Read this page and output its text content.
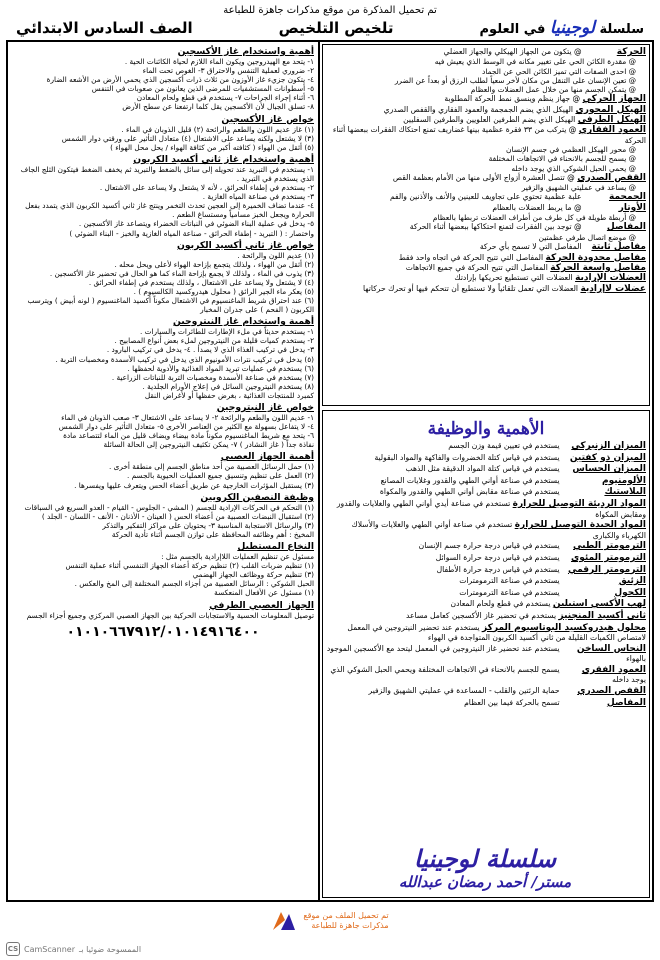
تم تحميل المذكرة من موقع مذكرات جاهزة للطباعة
سلسلة لوجينيا في العلوم
تلخيص التلخيص
الصف السادس الابتدائي
الحركة @ يتكون من الجهاز الهيكلي والجهاز العضلي
@ مقدرة الكائن الحي على تغيير مكانه في الوسط الذي يعيش فيه
@ احدى الصفات التي تميز الكائن الحي عن الجماد
@ تعين الإنسان على التنقل من مكان لأخر سعياً لطلب الرزق أو بعداً عن الضرر
@ يتمكن الجسم منها من خلال عمل العضلات والعظام
الجهاز الحركي @ جهاز ينظم وينسق نمط الحركة المطلوبة
الهيكل المحوري الهيكل الذي يضم الجمجمة والعمود الفقاري والقفص الصدري
الهيكل الطرفي الهيكل الذي يضم الطرفين العلويين والطرفين السفليين
العمود الفقاري @ يتركب من ٣٣ فقرة عظمية بينها غضاريف تمنع احتكاك الفقرات ببعضها أثناء الحركة
@ محور الهيكل العظمي في جسم الإنسان
@ يسمح للجسم بالانحناء في الاتجاهات المختلفة
@ يحمي الحبل الشوكي الذي يوجد داخله
القفص الصدري @ تتصل العشرة أزواج الأولى منها من الأمام بعظمة القص
@ يساعد في عمليتي الشهيق والزفير
الجمجمة علبة عظمية تحتوي على تجاويف للعينين والأنف والأذنين والفم
الأوتار @ ما يربط العضلات بالعظام
@ أربطة طويلة في كل طرف من أطراف العضلات تربطها بالعظام
المفاصل @ توجد بين الفقرات لتمنع احتكاكها ببعضها أثناء الحركة
@ موضع اتصال طرفي عظمتين
مفاصل ثابتة المفاصل التي لا تسمح بأي حركة
مفاصل محدودة الحركة المفاصل التي تتيح الحركة في اتجاه واحد فقط
مفاصل واسعة الحركة المفاصل التي تتيح الحركة في جميع الاتجاهات
العضلات الإرادية العضلات التي تستطيع تحريكها بإرادتك
عضلات لاإرادية العضلات التي تعمل تلقائياً ولا تستطيع أن تتحكم فيها أو تحرك حركاتها
الأهمية والوظيفة
الميزان الزنبركي يستخدم في تعيين قيمة وزن الجسم
الميزان ذو كفتين يستخدم في قياس كتلة الخضروات والفاكهة والمواد البقولية
الميزان الحساس يستخدم في قياس كتلة المواد الدقيقة مثل الذهب
الألومنيوم يستخدم في صناعة أواني الطهي والقدور وغلايات المصانع
البلاستيك يستخدم في صناعة مقابض أواني الطهي والقدور والمكواة
المواد الرديئة التوصيل للحرارة تستخدم في صناعة أيدي أواني الطهي والغلايات والقدور ومقابض المكواة
المواد الجيدة التوصيل للحرارة تستخدم في صناعة أواني الطهي والغلايات والأسلاك الكهرباء والكبارى
الترمومتر الطبي يستخدم في قياس درجة حرارة جسم الإنسان
الترمومتر المئوي يستخدم في قياس درجة حرارة السوائل
الترمومتر الرقمي يستخدم في قياس درجة حرارة الأطفال
الزئبق يستخدم في صناعة الترمومترات
الكحول يستخدم في صناعة الترمومترات
لهب الأكسي استيلين يستخدم في قطع ولحام المعادن
ثاني أكسيد المنجنيز يستخدم في تحضير غاز الأكسجين كعامل مساعد
محلول هيدروكسيد البوتاسيوم المركز يستخدم عند تحضير النيتروجين في المعمل لامتصاص الكميات القليلة من ثاني أكسيد الكربون المتواجدة في الهواء
النحاس الساخن يستخدم عند تحضير غاز النيتروجين في المعمل ليتحد مع الأكسجين الموجود بالهواء
العمود الفقري يسمح للجسم بالانحناء في الاتجاهات المختلفة ويحمي الحبل الشوكي الذي يوجد داخله
القفص الصدري حماية الرئتين والقلب - المساعدة في عمليتي الشهيق والزفير
المفاصل تسمح بالحركة فيما بين العظام
سلسلة لوجينيا
مستر/ أحمد رمضان عبدالله
أهمية واستخدام غاز الأكسجين
١- يتحد مع الهيدروجين ويكون الماء اللازم لحياة الكائنات الحية .
٢- ضروري لعملية التنفس والاحتراق ٣- الغوص تحت الماء
٤- يتكون جزيء غاز الأوزون من ثلاث ذرات أكسجين الذي يحمي الأرض من الأشعه الضارة
٥- أسطوانات المستشفيات للمرضى الذين يعانون من صعوبات في التنفس
٦- أثناء إجراء الجراحات ٧- يستخدم في قطع ولحام المعادن
٨- تسلق الجبال لأن الأكسجين يقل كلما ارتفعنا عن سطح الأرض
خواص غاز الأكسجين
(١) غاز عديم اللون والطعم والرائحة (٢) قليل الذوبان في الماء .
(٣) لا يشتعل ولكنه يساعد على الاشتعال (٤) متعادل التأثير على ورقتي دوار الشمس
(٥) أثقل من الهواء ( كثافته أكبر من كثافة الهواء / يحل محل الهواء )
أهمية واستخدام غاز ثاني أكسيد الكربون
١- يستخدم في التبريد عند تحويله إلى سائل بالضغط والتبريد ثم يخفف الضغط فيتكون الثلج الجاف الذي يستخدم في التبريد .
٢- يستخدم في إطفاء الحرائق ، لأنه لا يشتعل ولا يساعد على الاشتعال .
٣- يستخدم في صناعة المياه الغازية .
٤- عندما تضاف الخميرة إلى العجين تحدث التخمر وينتج غاز ثاني أكسيد الكربون الذي يتمدد بفعل الحرارة ويجعل الخبز مسامياً ومستساغ الطعم .
٥- يدخل في عملية البناء الضوئي في النباتات الخضراء ويتصاعد غاز الأكسجين .
واختصار : ( التبريد - إطفاء الحرائق - صناعة المياه الغازية والخبز - البناء الضوئي )
خواص غاز ثاني أكسيد الكربون
(١) عديم اللون والرائحة .
(٢) أثقل من الهواء ، ولذلك يتجمع بإزاحة الهواء لأعلى ويحل محله .
(٣) يذوب في الماء ، ولذلك لا يجمع بإزاحة الماء كما هو الحال في تحضير غاز الأكسجين .
(٤) لا يشتعل ولا يساعد على الاشتعال ، ولذلك يستخدم في إطفاء الحرائق .
(٥) يعكر ماء الجير الرائق ( محلول هيدروكسيد الكالسيوم ) .
(٦) عند احتراق شريط الماغنسيوم في الاشتعال مكوناً أكسيد الماغنسيوم ( لونه أبيض ) ويترسب الكربون ( الفحم ) على جدران المخبار
أهمية واستخدام غاز النيتروجين
١- يستخدم حديثاً في ملء الإطارات للطائرات والسيارات .
٢- يستخدم كميات قليلة من النيتروجين لملء بعض أنواع المصابيح .
٣- يدخل في تركيب الغذاء الذي لا يصدأ . ٤- يدخل في تركيب البارود .
(٥) يدخل في تركيب نترات الأمونيوم الذي يدخل في تركيب الأسمدة ومخصبات التربة .
(٦) يستخدم في عمليات تبريد المواد الغذائية والأدوية لحفظها .
(٧) يستخدم في صناعة الأسمدة ومخصبات التربة للنباتات الزراعية .
(٨) يستخدم النيتروجين السائل في إعلاج الأورام الجلدية .
كمبرد للمنتجات الغذائية ، بغرض حفظها أو لأغراض النقل
خواص غاز النيتروجين
١- عديم اللون والطعم والرائحة ٢- لا يساعد على الاشتعال ٣- صعب الذوبان في الماء
٤- لا يتفاعل بسهولة مع الكثير من العناصر الأخرى ٥- متعادل التأثير على دوار الشمس
٦- يتحد مع شريط الماغنسيوم مكوناً مادة بيضاء ويضاف قليل من الماء لتتصاعد مادة
نفاذة جداً ( غاز النشادر ) ٧- يمكن تكثيف النيتروجين إلى الحالة السائلة
أهمية الجهاز العصبي
(١) حمل الرسائل العصبية من أحد مناطق الجسم إلى منطقة أخرى .
(٢) العمل على تنظيم وتنسيق جميع العمليات الحيوية بالجسم .
(٣) يستقبل المؤثرات الخارجية عن طريق أعضاء الحس ويتعرف عليها ويفسرها .
وظيفة النصفين الكرويين
(١) التحكم في الحركات الإرادية للجسم ( المشي - الجلوس - القيام - العدو السريع في السباقات
(٢) استقبال النبضات العصبية من أعضاء الحس ( العينان - الأذنان - الأنف - اللسان - الجلد )
(٣) والرسائل الاستجابة المناسبة ٣- يحتويان على مراكز التفكير والتذكر
المخيخ : أهم وظائفه المحافظة على توازن الجسم أثناء تأدية الحركة
النخاع المستطيل
مسئول عن تنظيم العمليات اللاإرادية بالجسم مثل :
(١) تنظيم ضربات القلب (٢) تنظيم حركة أعضاء الجهاز التنفسي أثناء عملية التنفس
(٣) تنظيم حركة ووظائف الجهاز الهضمي
الحبل الشوكي : الرسائل العصبية من أجزاء الجسم المختلفة إلى المخ والعكس .
(١) مسئول عن الأفعال المنعكسة
الجهاز العصبي الطرفي
توصيل المعلومات الحسية والاستجابات الحركية بين الجهاز العصبي المركزي وجميع أجزاء الجسم
٠١٠١٠٦٦٧٩١٢/٠١٠١٤٩١٦٤٠٠
تم تحميل الملف من موقع
مذكرات جاهزة للطباعة
CS CamScanner الممسوحة ضوئيا بـ
